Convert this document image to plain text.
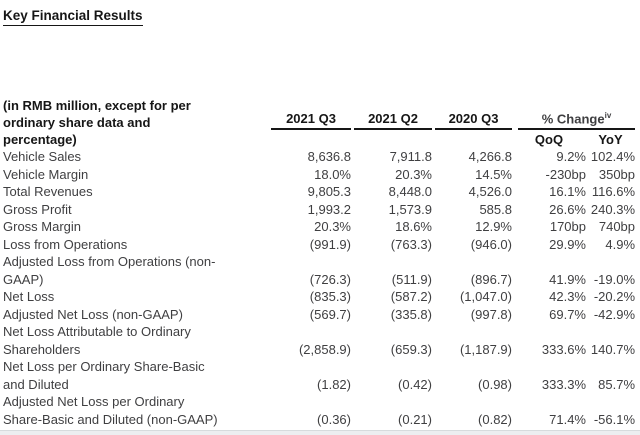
Key Financial Results
(in RMB million, except for per
ordinary share data and
percentage)	2021 Q3	2021 Q2	2020 Q3	% Change$^{iv}$

				QoQ	YoY

Vehicle Sales	8,636.8	7,911.8	4,266.8	9.2%	102.4%

Vehicle Margin	18.0%	20.3%	14.5%	-230bp	350bp

Total Revenues	9,805.3	8,448.0	4,526.0	16.1%	116.6%

Gross Profit	1,993.2	1,573.9	585.8	26.6%	240.3%

Gross Margin	20.3%	18.6%	12.9%	170bp	740bp

Loss from Operations	(991.9)	(763.3)	(946.0)	29.9%	4.9%

Adjusted Loss from Operations (non-
GAAP)	(726.3)	(511.9)	(896.7)	41.9%	-19.0%

Net Loss	(835.3)	(587.2)	(1,047.0)	42.3%	-20.2%

Adjusted Net Loss (non-GAAP)	(569.7)	(335.8)	(997.8)	69.7%	-42.9%

Net Loss Attributable to Ordinary
Shareholders	(2,858.9)	(659.3)	(1,187.9)	333.6%	140.7%

Net Loss per Ordinary Share-Basic
and Diluted	(1.82)	(0.42)	(0.98)	333.3%	85.7%

Adjusted Net Loss per Ordinary
Share-Basic and Diluted (non-GAAP)	(0.36)	(0.21)	(0.82)	71.4%	-56.1%
